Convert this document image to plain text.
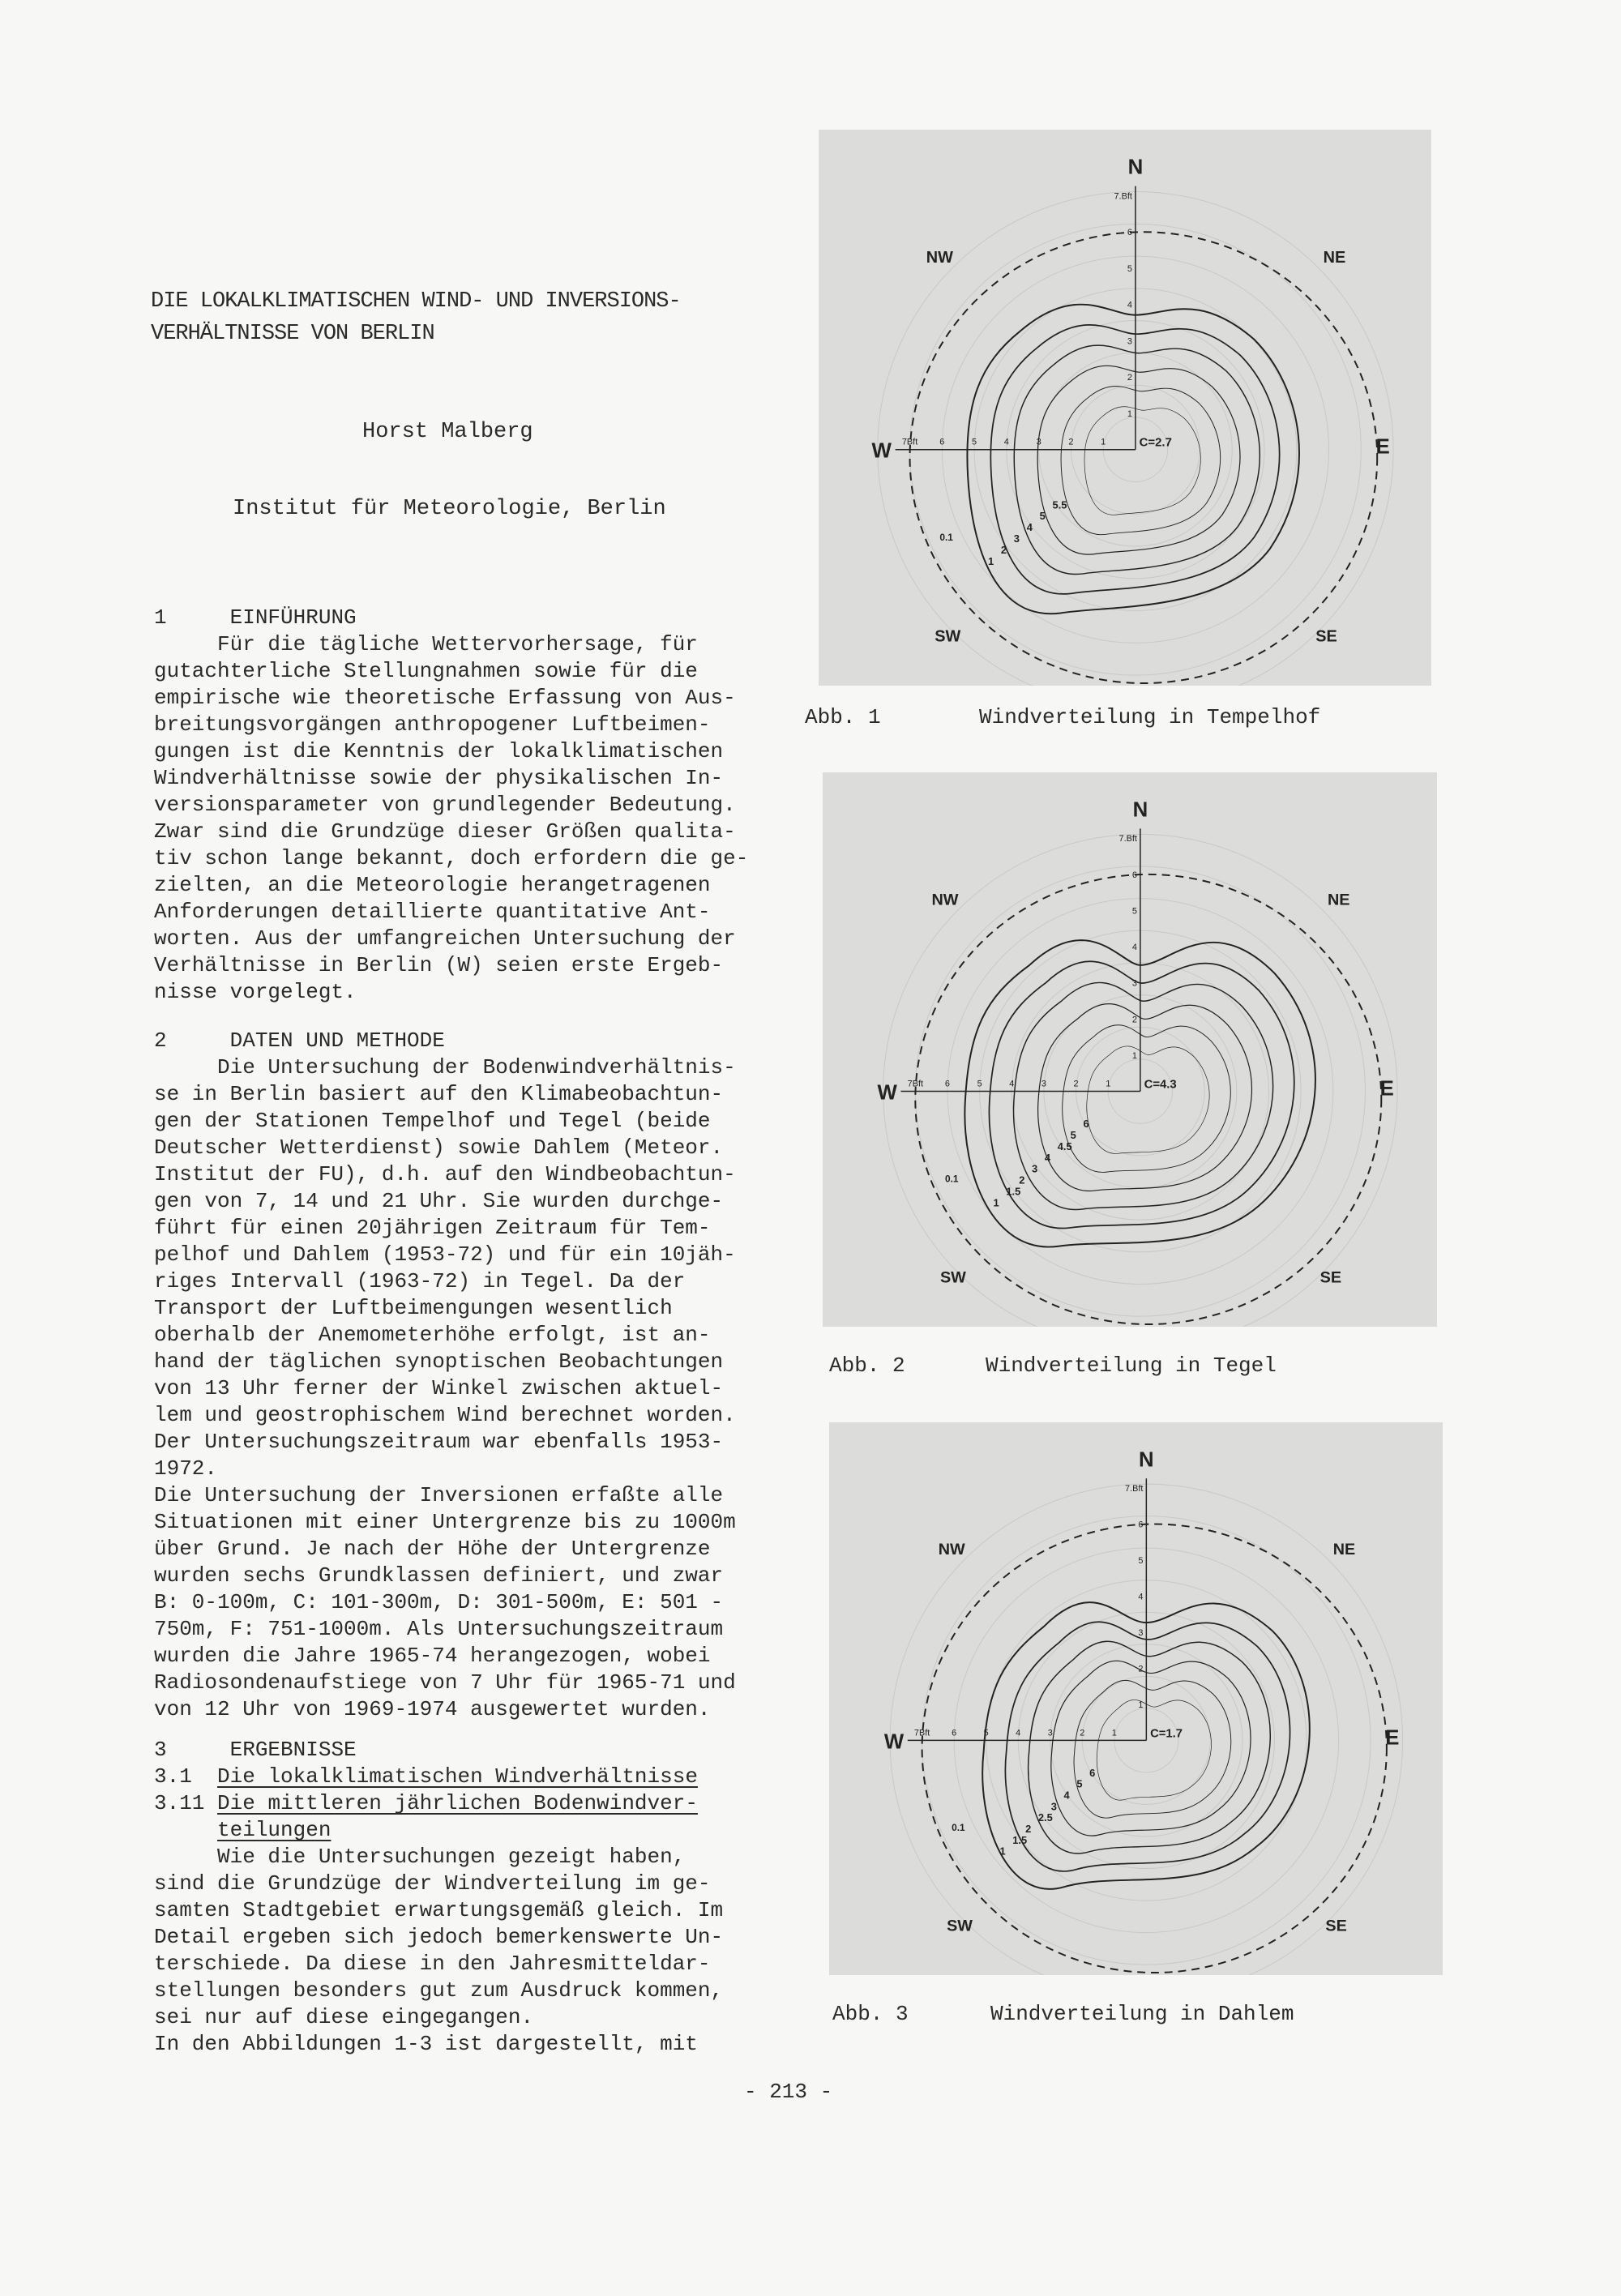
DIE LOKALKLIMATISCHEN WIND- UND INVERSIONS-
VERHÄLTNISSE VON BERLIN
Horst Malberg
Institut für Meteorologie, Berlin
1	EINFÜHRUNG
Für die tägliche Wettervorhersage, für
gutachterliche Stellungnahmen sowie für die
empirische wie theoretische Erfassung von Aus-
breitungsvorgängen anthropogener Luftbeimen-
gungen ist die Kenntnis der lokalklimatischen
Windverhältnisse sowie der physikalischen In-
versionsparameter von grundlegender Bedeutung.
Zwar sind die Grundzüge dieser Größen qualita-
tiv schon lange bekannt, doch erfordern die ge-
zielten, an die Meteorologie herangetragenen
Anforderungen detaillierte quantitative Ant-
worten. Aus der umfangreichen Untersuchung der
Verhältnisse in Berlin (W) seien erste Ergeb-
nisse vorgelegt.
2	DATEN UND METHODE
Die Untersuchung der Bodenwindverhältnis-
se in Berlin basiert auf den Klimabeobachtun-
gen der Stationen Tempelhof und Tegel (beide
Deutscher Wetterdienst) sowie Dahlem (Meteor.
Institut der FU), d.h. auf den Windbeobachtun-
gen von 7, 14 und 21 Uhr. Sie wurden durchge-
führt für einen 20jährigen Zeitraum für Tem-
pelhof und Dahlem (1953-72) und für ein 10jäh-
riges Intervall (1963-72) in Tegel. Da der
Transport der Luftbeimengungen wesentlich
oberhalb der Anemometerhöhe erfolgt, ist an-
hand der täglichen synoptischen Beobachtungen
von 13 Uhr ferner der Winkel zwischen aktuel-
lem und geostrophischem Wind berechnet worden.
Der Untersuchungszeitraum war ebenfalls 1953-
1972.
Die Untersuchung der Inversionen erfaßte alle
Situationen mit einer Untergrenze bis zu 1000m
über Grund. Je nach der Höhe der Untergrenze
wurden sechs Grundklassen definiert, und zwar
B: 0-100m, C: 101-300m, D: 301-500m, E: 501 -
750m, F: 751-1000m. Als Untersuchungszeitraum
wurden die Jahre 1965-74 herangezogen, wobei
Radiosondenaufstiege von 7 Uhr für 1965-71 und
von 12 Uhr von 1969-1974 ausgewertet wurden.
3	ERGEBNISSE
3.1 Die lokalklimatischen Windverhältnisse
3.11 Die mittleren jährlichen Bodenwindver-
teilungen
Wie die Untersuchungen gezeigt haben,
sind die Grundzüge der Windverteilung im ge-
samten Stadtgebiet erwartungsgemäß gleich. Im
Detail ergeben sich jedoch bemerkenswerte Un-
terschiede. Da diese in den Jahresmitteldar-
stellungen besonders gut zum Ausdruck kommen,
sei nur auf diese eingegangen.
In den Abbildungen 1-3 ist dargestellt, mit
N
NE
E
SE
SW
W
NW
1
1
2
2
3
3
4
4
5
5
6
6
7Bft
7.Bft
0.1
1
2
3
4
5
5.5
C=2.7
Abb. 1	Windverteilung in Tempelhof
N
NE
E
SE
SW
W
NW
1
1
2
2
3
3
4
4
5
5
6
6
7Bft
7.Bft
0.1
1
1.5
2
3
4
4.5
5
6
C=4.3
Abb. 2	Windverteilung in Tegel
N
NE
E
SE
SW
W
NW
1
1
2
2
3
3
4
4
5
5
6
6
7Bft
7.Bft
0.1
1
1.5
2
2.5
3
4
5
6
C=1.7
Abb. 3	Windverteilung in Dahlem
- 213 -
